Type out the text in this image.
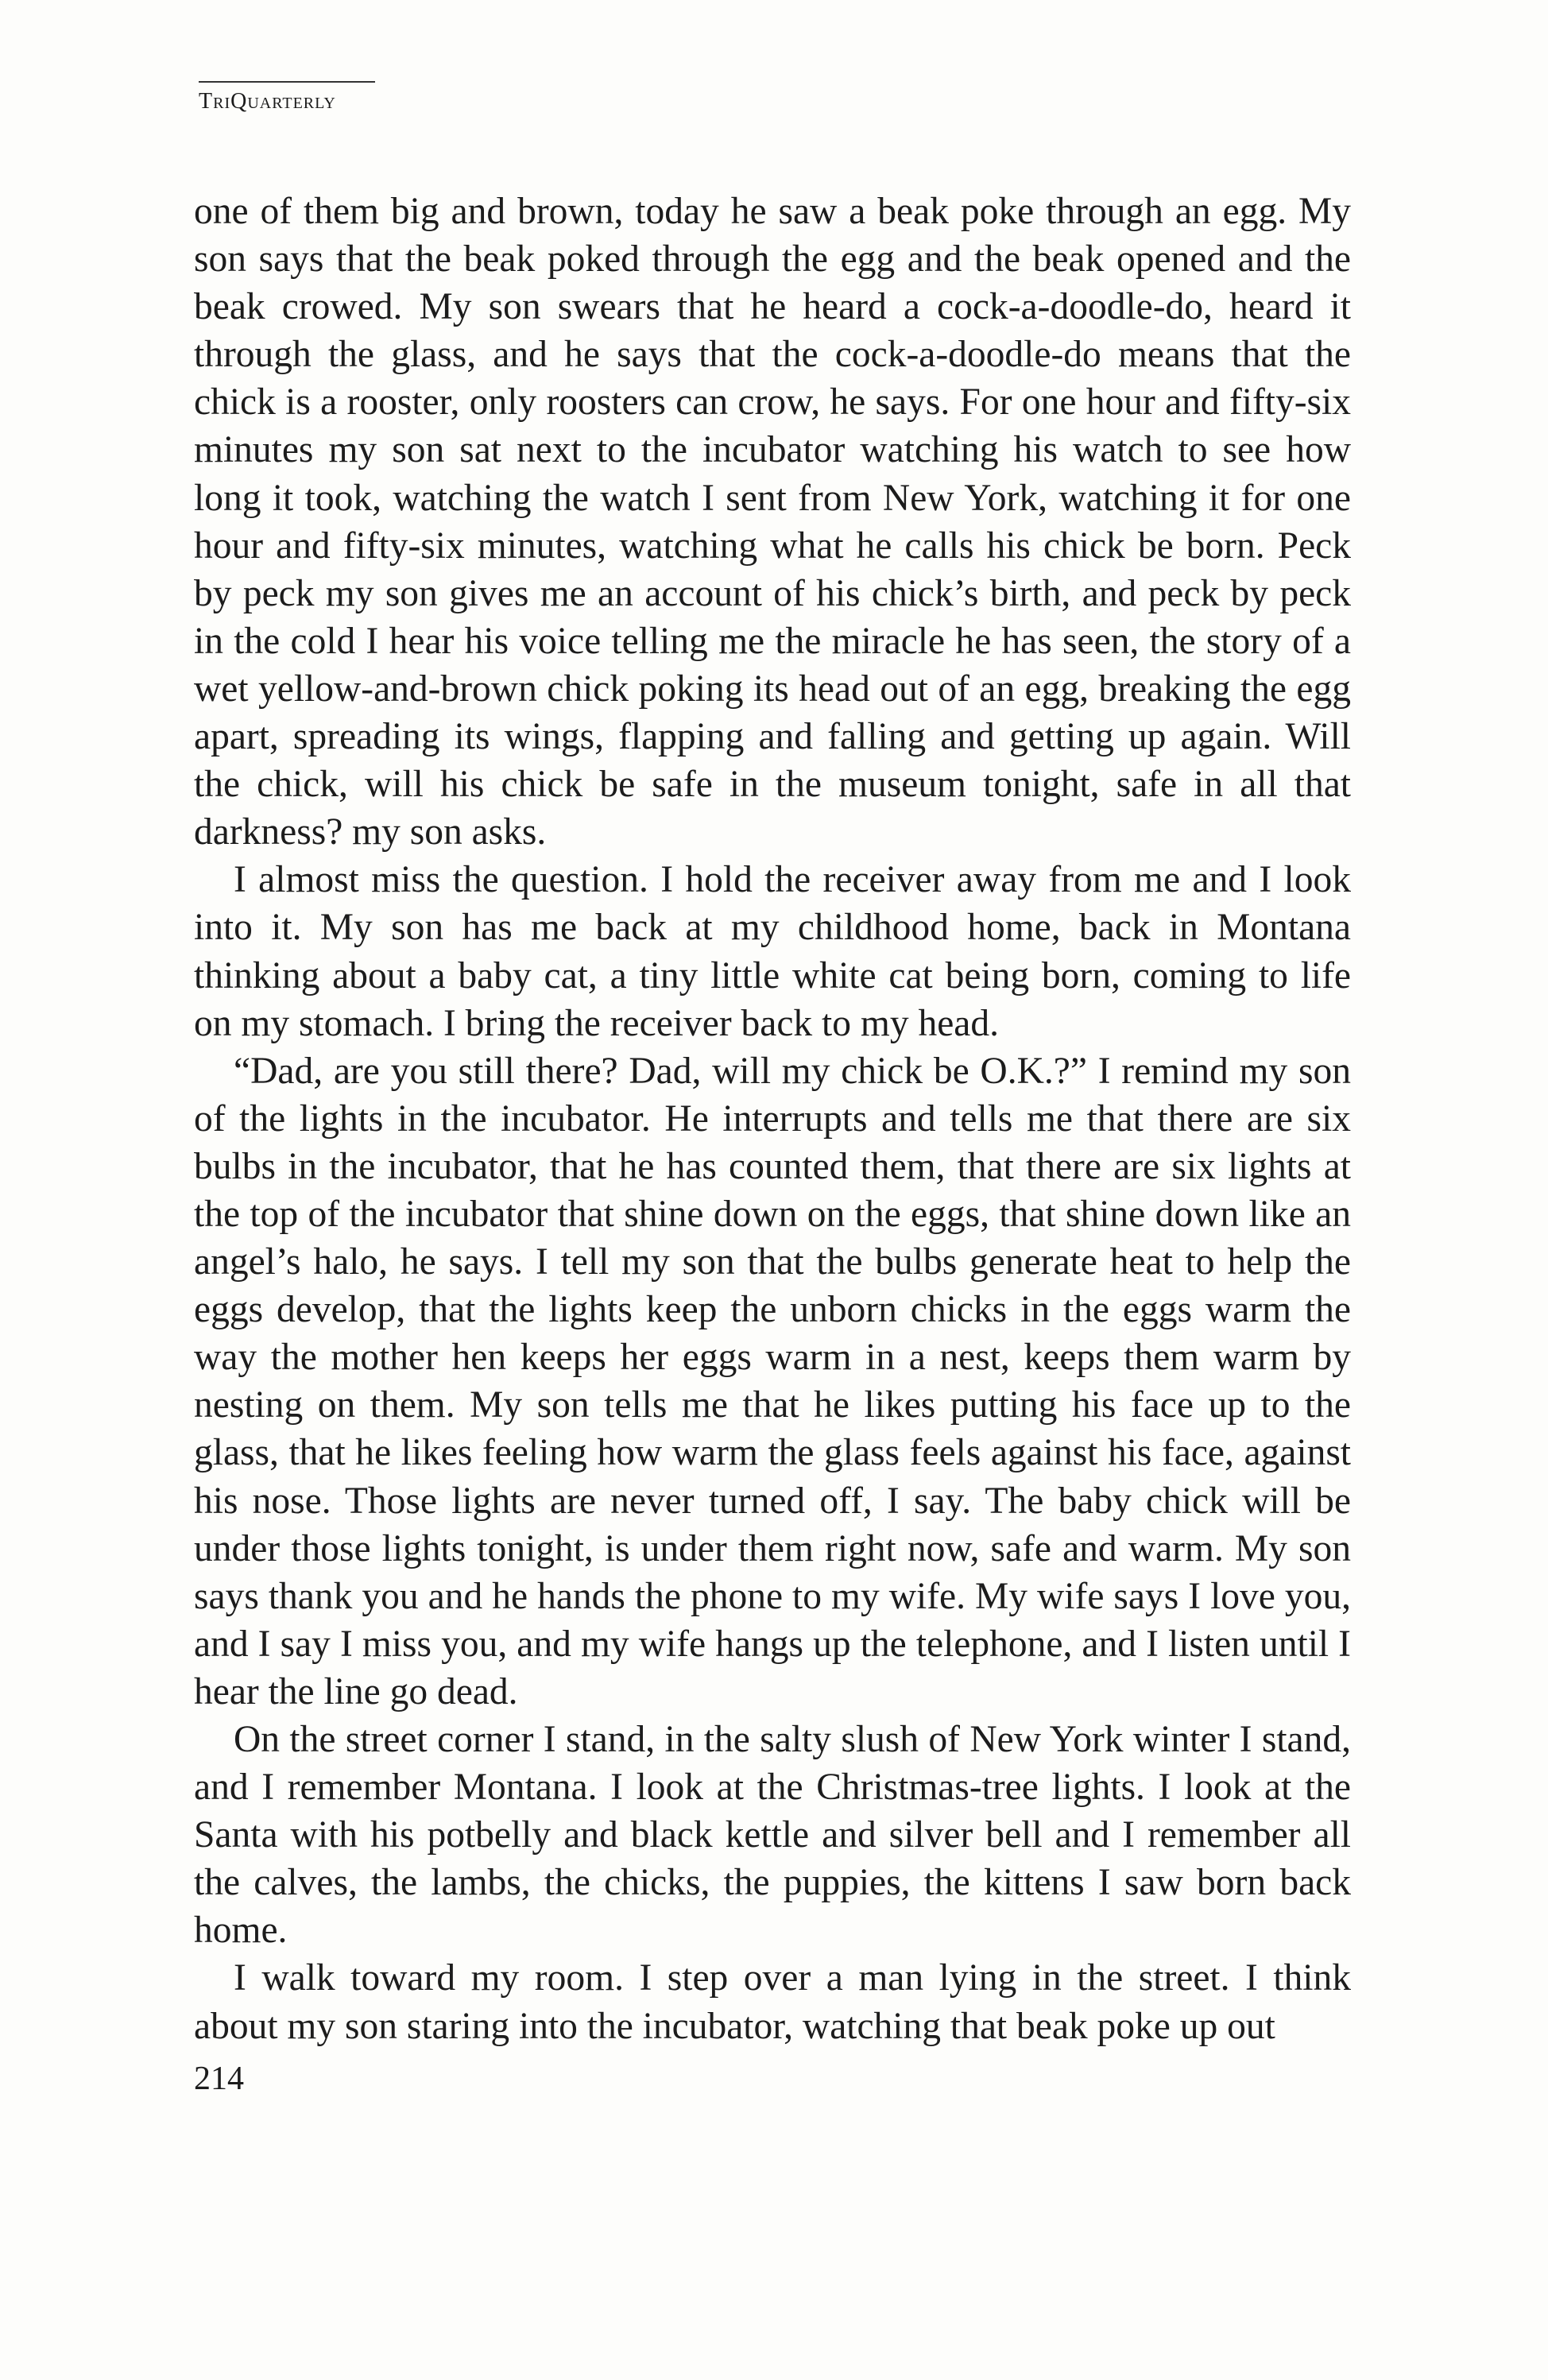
TriQuarterly

one of them big and brown, today he saw a beak poke through an egg. My son says that the beak poked through the egg and the beak opened and the beak crowed. My son swears that he heard a cock-a-doodle-do, heard it through the glass, and he says that the cock-a-doodle-do means that the chick is a rooster, only roosters can crow, he says. For one hour and fifty-six minutes my son sat next to the incubator watching his watch to see how long it took, watching the watch I sent from New York, watching it for one hour and fifty-six minutes, watching what he calls his chick be born. Peck by peck my son gives me an account of his chick’s birth, and peck by peck in the cold I hear his voice telling me the miracle he has seen, the story of a wet yellow-and-brown chick poking its head out of an egg, breaking the egg apart, spreading its wings, flapping and falling and getting up again. Will the chick, will his chick be safe in the museum tonight, safe in all that darkness? my son asks.

I almost miss the question. I hold the receiver away from me and I look into it. My son has me back at my childhood home, back in Montana thinking about a baby cat, a tiny little white cat being born, coming to life on my stomach. I bring the receiver back to my head.

“Dad, are you still there? Dad, will my chick be O.K.?” I remind my son of the lights in the incubator. He interrupts and tells me that there are six bulbs in the incubator, that he has counted them, that there are six lights at the top of the incubator that shine down on the eggs, that shine down like an angel’s halo, he says. I tell my son that the bulbs generate heat to help the eggs develop, that the lights keep the unborn chicks in the eggs warm the way the mother hen keeps her eggs warm in a nest, keeps them warm by nesting on them. My son tells me that he likes putting his face up to the glass, that he likes feeling how warm the glass feels against his face, against his nose. Those lights are never turned off, I say. The baby chick will be under those lights tonight, is under them right now, safe and warm. My son says thank you and he hands the phone to my wife. My wife says I love you, and I say I miss you, and my wife hangs up the telephone, and I listen until I hear the line go dead.

On the street corner I stand, in the salty slush of New York winter I stand, and I remember Montana. I look at the Christmas-tree lights. I look at the Santa with his potbelly and black kettle and silver bell and I remember all the calves, the lambs, the chicks, the puppies, the kittens I saw born back home.

I walk toward my room. I step over a man lying in the street. I think about my son staring into the incubator, watching that beak poke up out

214
